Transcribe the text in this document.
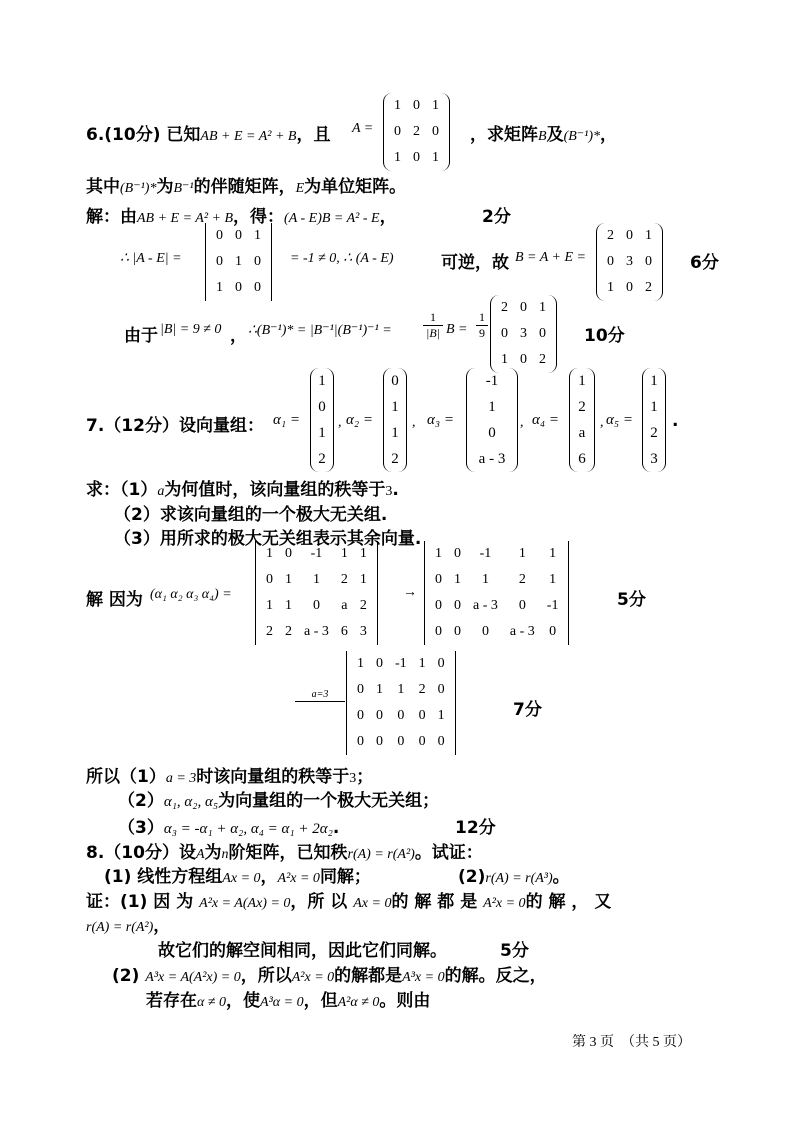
6.(10分) 已知AB + E = A² + B，且 A =
1	0	1
0	2	0
1	0	1
，求矩阵B及(B⁻¹)*，
其中(B⁻¹)*为B⁻¹的伴随矩阵，E为单位矩阵。
解：由AB + E = A² + B，得：(A - E)B = A² - E，	2分
∴ |A - E| =
0	0	1
0	1	0
1	0	0
= -1 ≠ 0, ∴ (A - E)	可逆，故 B = A + E =
2	0	1
0	3	0
1	0	2
6分
由于 |B| = 9 ≠ 0 ， ∴(B⁻¹)* = |B⁻¹|(B⁻¹)⁻¹ =	$\frac{1}{|B|}$ $B = \frac{1}{9}$
2	0	1
0	3	0
1	0	2
10分
7.（12分）设向量组： α₁ =
1
0
1
2
, α₂ =
0
1
1
2
, α₃ =
-1
1
0
a - 3
, α₄ =
1
2
a
6
, α₅ =
1
1
2
3
.
求：（1）a为何值时，该向量组的秩等于3.
（2）求该向量组的一个极大无关组.
（3）用所求的极大无关组表示其余向量.
解 因为 (α₁ α₂ α₃ α₄) =
1	0	-1	1	1
0	1	1	2	1
1	1	0	a	2
2	2	a - 3	6	3
→
1	0	-1	1	1
0	1	1	2	1
0	0	a - 3	0	-1
0	0	0	a - 3	0
5分
a=3
1	0	-1	1	0
0	1	1	2	0
0	0	0	0	1
0	0	0	0	0
7分
所以（1）a = 3时该向量组的秩等于3；
（2）α₁, α₂, α₅为向量组的一个极大无关组；
（3）α₃ = -α₁ + α₂, α₄ = α₁ + 2α₂.	12分
8.（10分）设A为n阶矩阵，已知秩r(A) = r(A²)。试证：
(1) 线性方程组Ax = 0，A²x = 0同解；	(2)r(A) = r(A³)。
证：(1) 因 为 A²x = A(Ax) = 0，所 以 Ax = 0的 解 都 是 A²x = 0的 解 ， 又
r(A) = r(A²)，
故它们的解空间相同，因此它们同解。	5分
(2) A³x = A(A²x) = 0，所以A²x = 0的解都是A³x = 0的解。反之，
若存在α ≠ 0，使A³α = 0，但A²α ≠ 0。则由
第 3 页 （共 5 页）
